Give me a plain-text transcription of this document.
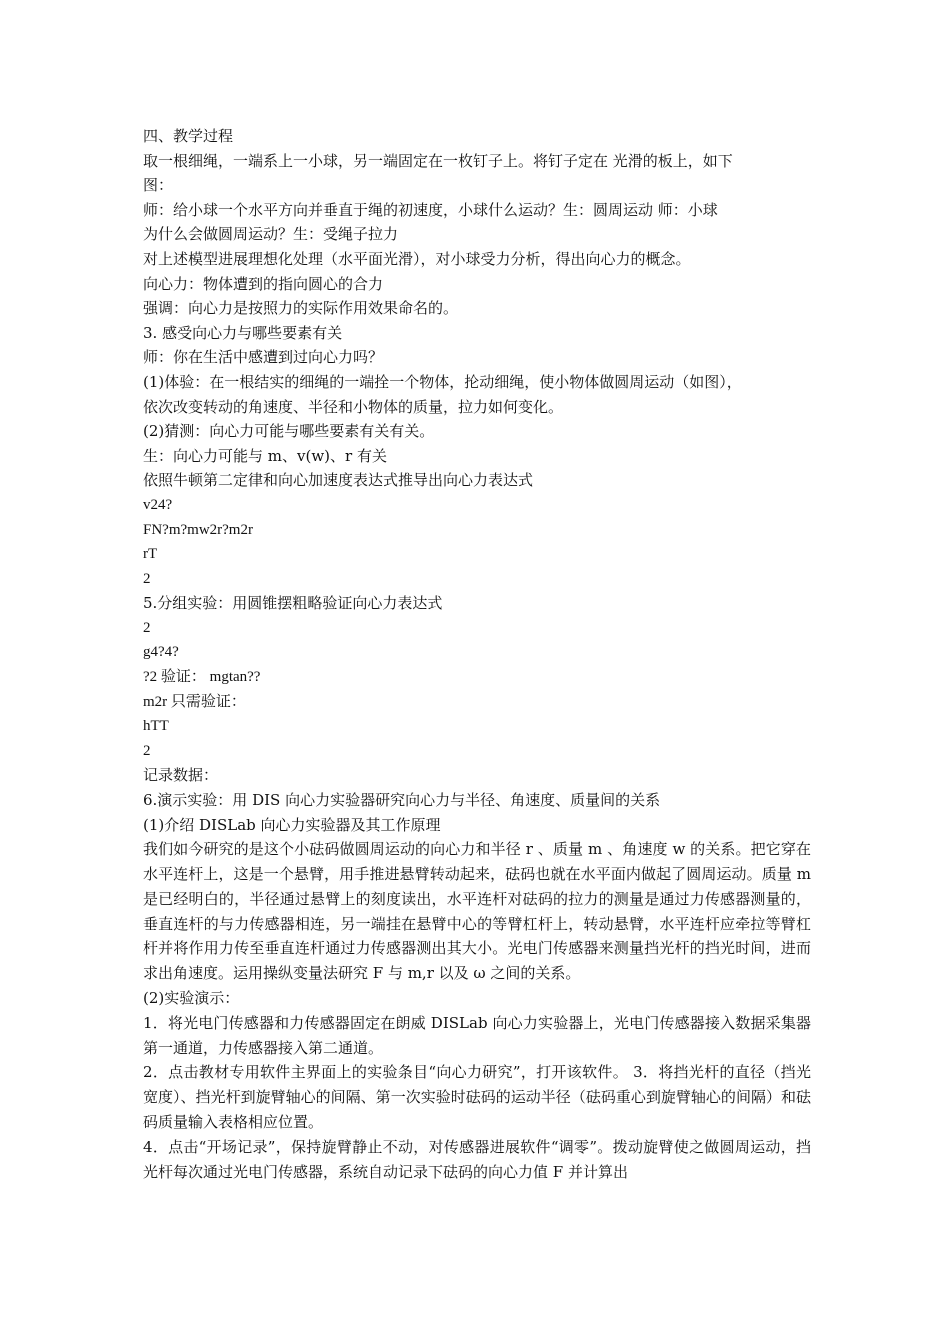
四、教学过程
取一根细绳，一端系上一小球，另一端固定在一枚钉子上。将钉子定在 光滑的板上，如下
图：
师：给小球一个水平方向并垂直于绳的初速度，小球什么运动？生：圆周运动 师：小球
为什么会做圆周运动？生：受绳子拉力
对上述模型进展理想化处理（水平面光滑），对小球受力分析，得出向心力的概念。
向心力：物体遭到的指向圆心的合力
强调：向心力是按照力的实际作用效果命名的。
3. 感受向心力与哪些要素有关
师：你在生活中感遭到过向心力吗？
(1)体验：在一根结实的细绳的一端拴一个物体，抡动细绳，使小物体做圆周运动（如图），
依次改变转动的角速度、半径和小物体的质量，拉力如何变化。
(2)猜测：向心力可能与哪些要素有关有关。
生：向心力可能与 m、v(w)、r 有关
依照牛顿第二定律和向心加速度表达式推导出向心力表达式
v24?
FN?m?mw2r?m2r
rT
2
5.分组实验：用圆锥摆粗略验证向心力表达式
2
g4?4?
?2 验证： mgtan??
m2r 只需验证：
hTT
2
记录数据：
6.演示实验：用 DIS 向心力实验器研究向心力与半径、角速度、质量间的关系
(1)介绍 DISLab 向心力实验器及其工作原理
我们如今研究的是这个小砝码做圆周运动的向心力和半径 r 、质量 m 、角速度 w 的关系。把它穿在水平连杆上，这是一个悬臂，用手推进悬臂转动起来，砝码也就在水平面内做起了圆周运动。质量 m 是已经明白的，半径通过悬臂上的刻度读出，水平连杆对砝码的拉力的测量是通过力传感器测量的，垂直连杆的与力传感器相连，另一端挂在悬臂中心的等臂杠杆上，转动悬臂，水平连杆应牵拉等臂杠杆并将作用力传至垂直连杆通过力传感器测出其大小。光电门传感器来测量挡光杆的挡光时间，进而求出角速度。运用操纵变量法研究 F 与 m,r 以及 ω 之间的关系。
(2)实验演示：
1．将光电门传感器和力传感器固定在朗威 DISLab 向心力实验器上，光电门传感器接入数据采集器第一通道，力传感器接入第二通道。
2．点击教材专用软件主界面上的实验条目“向心力研究”，打开该软件。 3．将挡光杆的直径（挡光宽度）、挡光杆到旋臂轴心的间隔、第一次实验时砝码的运动半径（砝码重心到旋臂轴心的间隔）和砝码质量输入表格相应位置。
4．点击“开场记录”，保持旋臂静止不动，对传感器进展软件“调零”。拨动旋臂使之做圆周运动，挡光杆每次通过光电门传感器，系统自动记录下砝码的向心力值 F 并计算出
